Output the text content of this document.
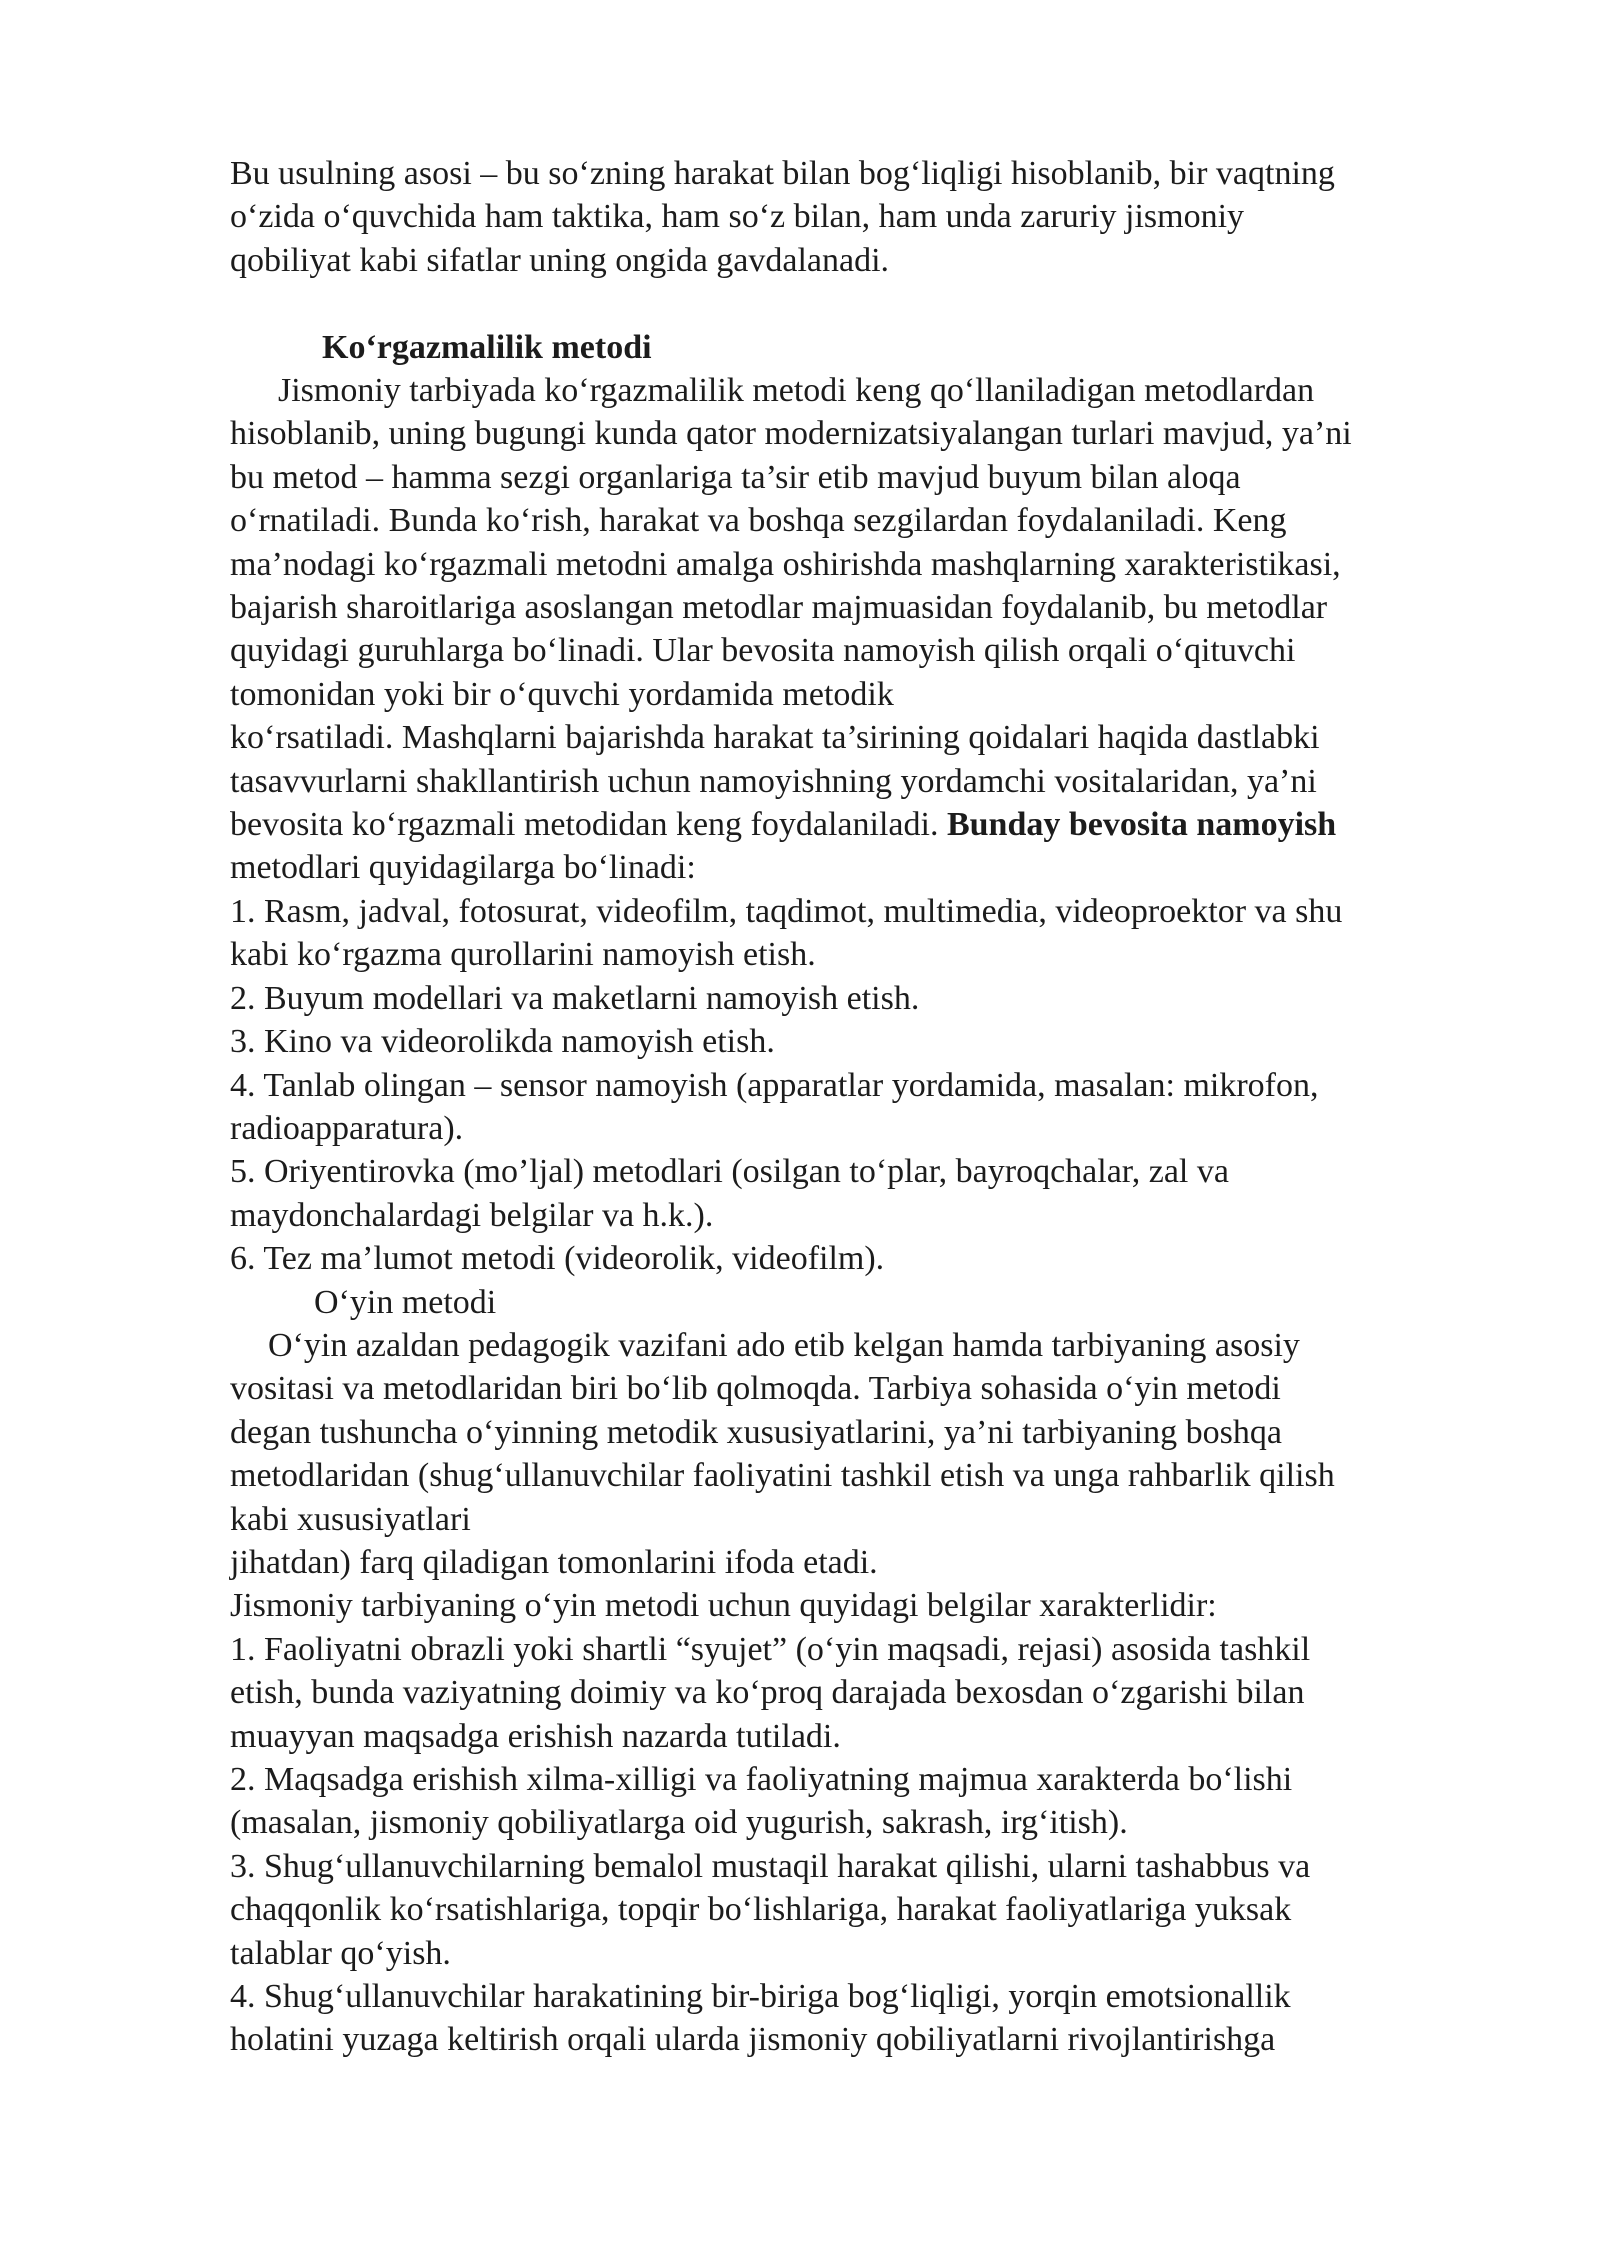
Bu usulning asosi – bu so‘zning harakat bilan bog‘liqligi hisoblanib, bir vaqtning
o‘zida o‘quvchida ham taktika, ham so‘z bilan, ham unda zaruriy jismoniy
qobiliyat kabi sifatlar uning ongida gavdalanadi.
Ko‘rgazmalilik metodi
Jismoniy tarbiyada ko‘rgazmalilik metodi keng qo‘llaniladigan metodlardan
hisoblanib, uning bugungi kunda qator modernizatsiyalangan turlari mavjud, ya’ni
bu metod – hamma sezgi organlariga ta’sir etib mavjud buyum bilan aloqa
o‘rnatiladi. Bunda ko‘rish, harakat va boshqa sezgilardan foydalaniladi. Keng
ma’nodagi ko‘rgazmali metodni amalga oshirishda mashqlarning xarakteristikasi,
bajarish sharoitlariga asoslangan metodlar majmuasidan foydalanib, bu metodlar
quyidagi guruhlarga bo‘linadi. Ular bevosita namoyish qilish orqali o‘qituvchi
tomonidan yoki bir o‘quvchi yordamida metodik
ko‘rsatiladi. Mashqlarni bajarishda harakat ta’sirining qoidalari haqida dastlabki
tasavvurlarni shakllantirish uchun namoyishning yordamchi vositalaridan, ya’ni
bevosita ko‘rgazmali metodidan keng foydalaniladi. Bunday bevosita namoyish
metodlari quyidagilarga bo‘linadi:
1. Rasm, jadval, fotosurat, videofilm, taqdimot, multimedia, videoproektor va shu
kabi ko‘rgazma qurollarini namoyish etish.
2. Buyum modellari va maketlarni namoyish etish.
3. Kino va videorolikda namoyish etish.
4. Tanlab olingan – sensor namoyish (apparatlar yordamida, masalan: mikrofon,
radioapparatura).
5. Oriyentirovka (mo’ljal) metodlari (osilgan to‘plar, bayroqchalar, zal va
maydonchalardagi belgilar va h.k.).
6. Tez ma’lumot metodi (videorolik, videofilm).
O‘yin metodi
O‘yin azaldan pedagogik vazifani ado etib kelgan hamda tarbiyaning asosiy
vositasi va metodlaridan biri bo‘lib qolmoqda. Tarbiya sohasida o‘yin metodi
degan tushuncha o‘yinning metodik xususiyatlarini, ya’ni tarbiyaning boshqa
metodlaridan (shug‘ullanuvchilar faoliyatini tashkil etish va unga rahbarlik qilish
kabi xususiyatlari
jihatdan) farq qiladigan tomonlarini ifoda etadi.
Jismoniy tarbiyaning o‘yin metodi uchun quyidagi belgilar xarakterlidir:
1. Faoliyatni obrazli yoki shartli “syujet” (o‘yin maqsadi, rejasi) asosida tashkil
etish, bunda vaziyatning doimiy va ko‘proq darajada bexosdan o‘zgarishi bilan
muayyan maqsadga erishish nazarda tutiladi.
2. Maqsadga erishish xilma-xilligi va faoliyatning majmua xarakterda bo‘lishi
(masalan, jismoniy qobiliyatlarga oid yugurish, sakrash, irg‘itish).
3. Shug‘ullanuvchilarning bemalol mustaqil harakat qilishi, ularni tashabbus va
chaqqonlik ko‘rsatishlariga, topqir bo‘lishlariga, harakat faoliyatlariga yuksak
talablar qo‘yish.
4. Shug‘ullanuvchilar harakatining bir-biriga bog‘liqligi, yorqin emotsionallik
holatini yuzaga keltirish orqali ularda jismoniy qobiliyatlarni rivojlantirishga
